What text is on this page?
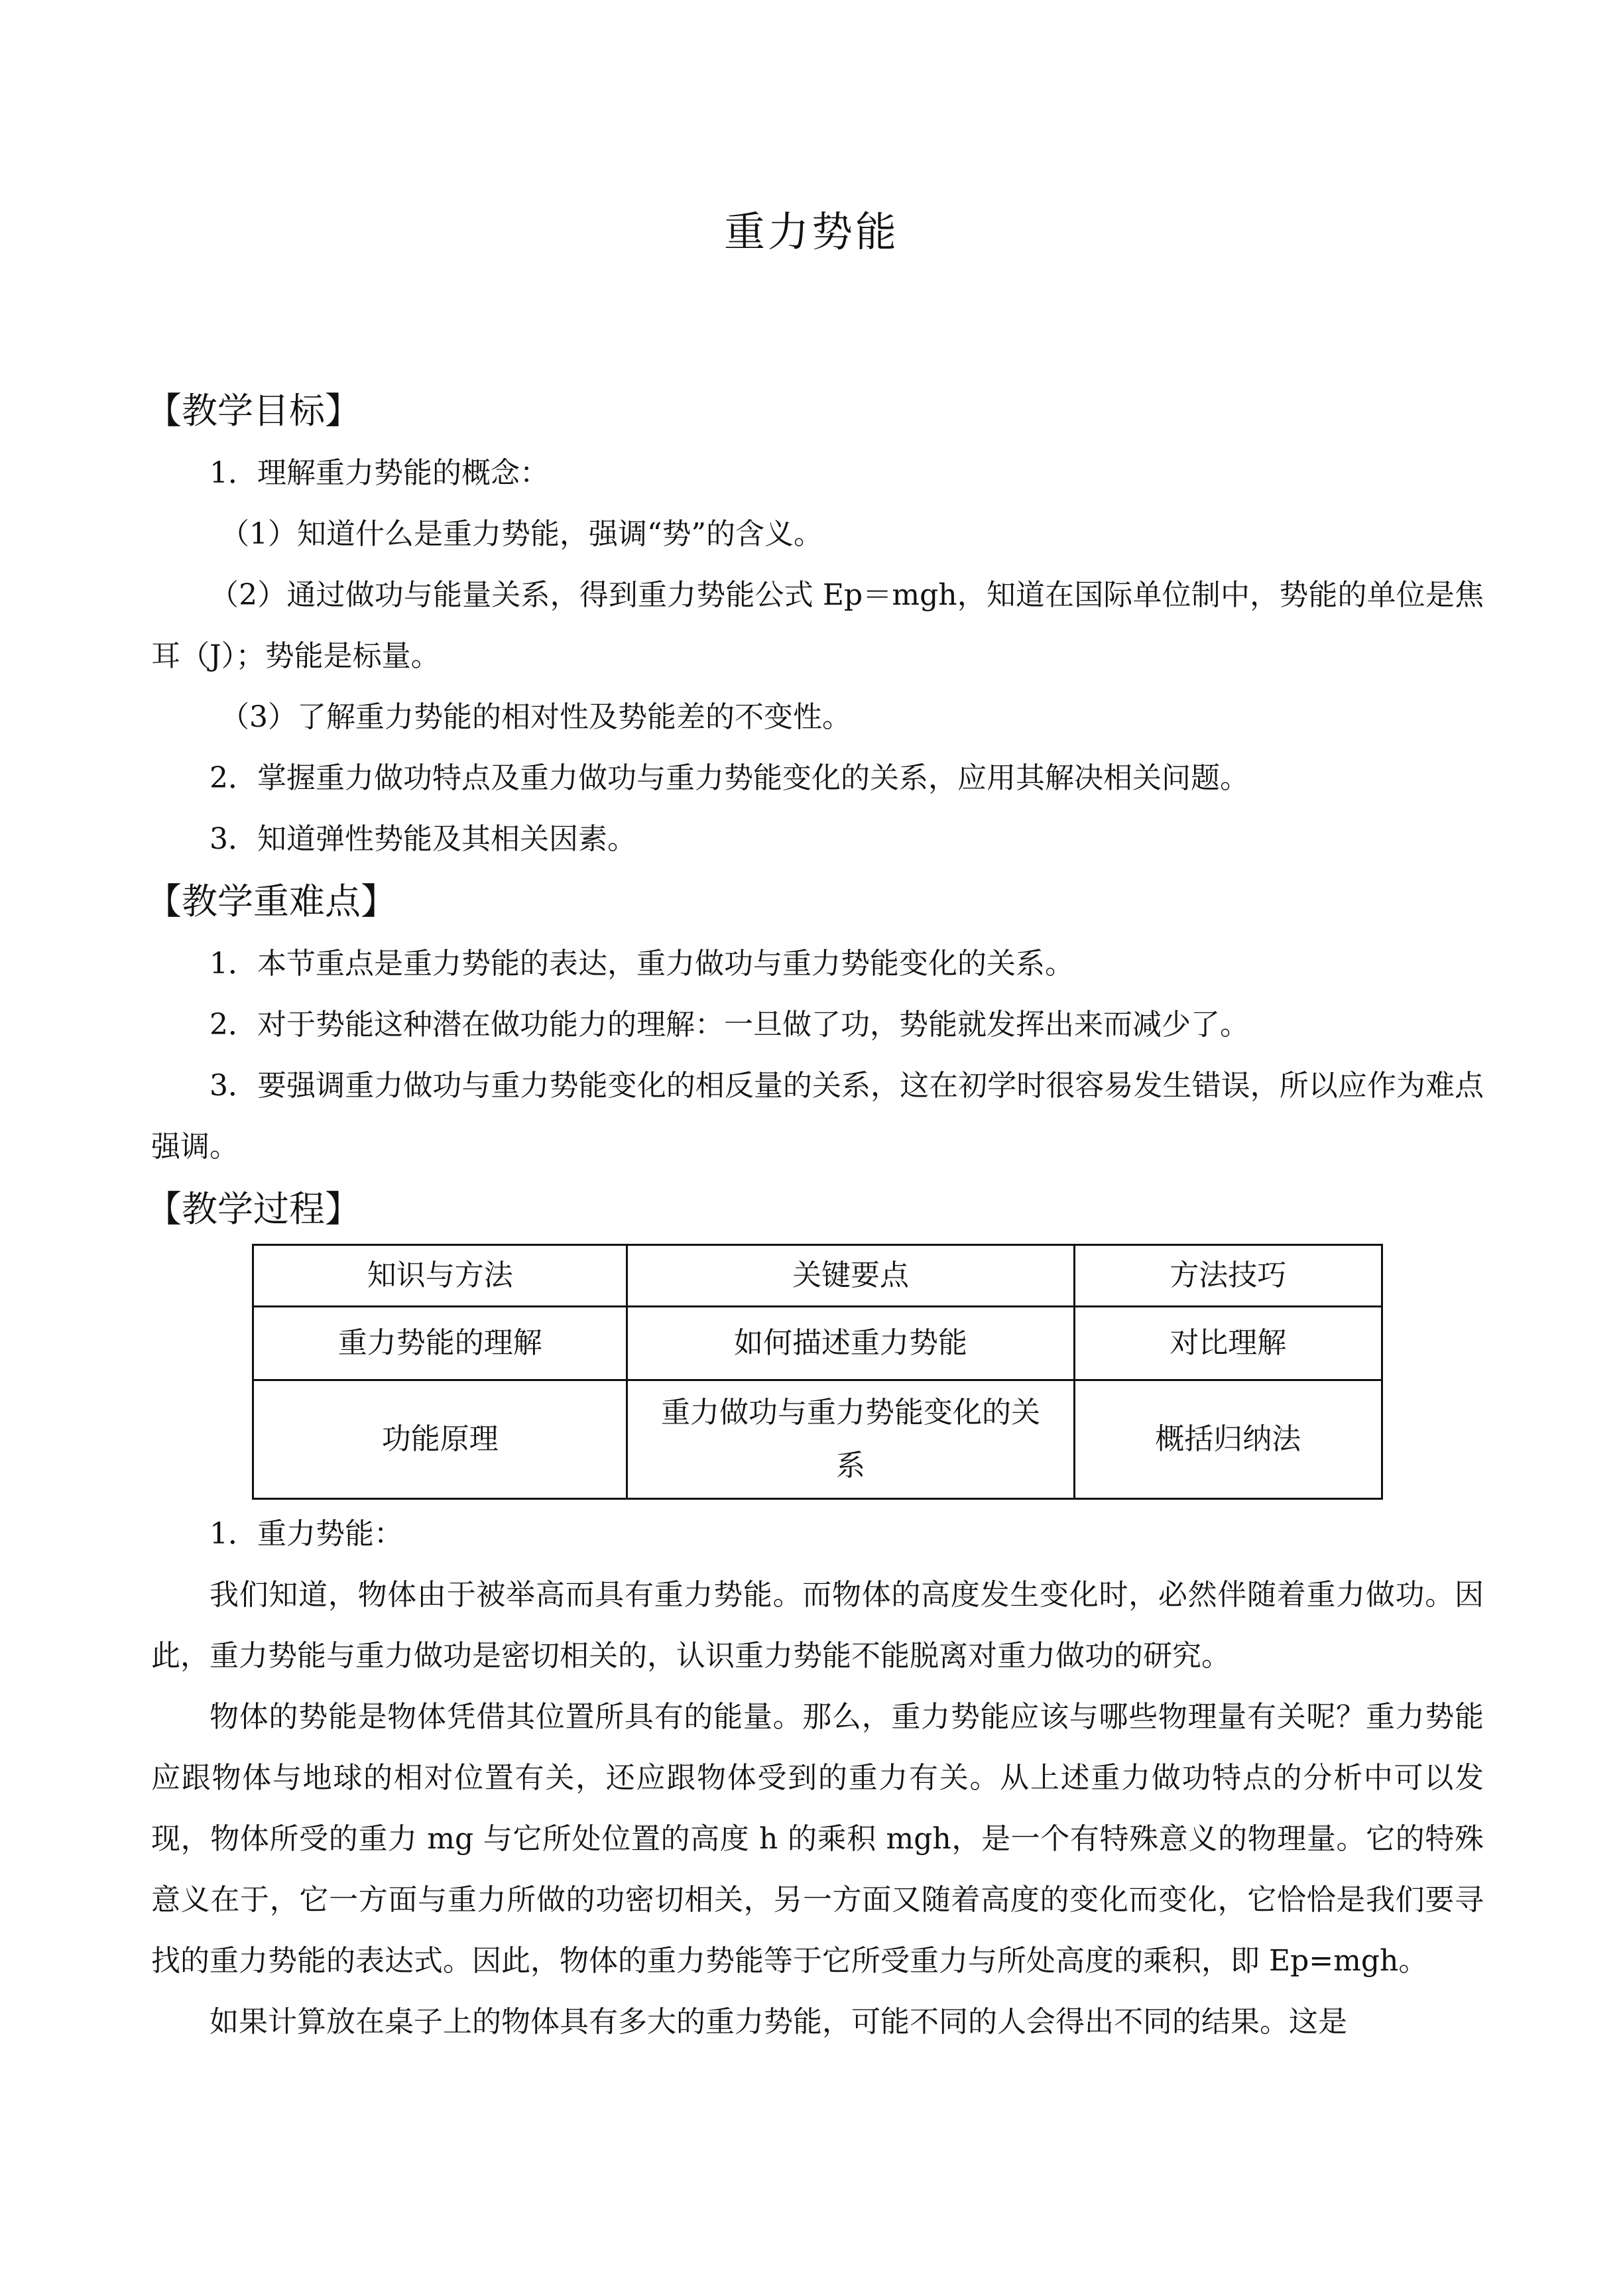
重力势能
【教学目标】
1．理解重力势能的概念：
（1）知道什么是重力势能，强调“势”的含义。
（2）通过做功与能量关系，得到重力势能公式 Ep＝mgh，知道在国际单位制中，势能的单位是焦耳（J）；势能是标量。
（3）了解重力势能的相对性及势能差的不变性。
2．掌握重力做功特点及重力做功与重力势能变化的关系，应用其解决相关问题。
3．知道弹性势能及其相关因素。
【教学重难点】
1．本节重点是重力势能的表达，重力做功与重力势能变化的关系。
2．对于势能这种潜在做功能力的理解：一旦做了功，势能就发挥出来而减少了。
3．要强调重力做功与重力势能变化的相反量的关系，这在初学时很容易发生错误，所以应作为难点强调。
【教学过程】
知识与方法	关键要点	方法技巧
重力势能的理解	如何描述重力势能	对比理解
功能原理	重力做功与重力势能变化的关系	概括归纳法
1．重力势能：
我们知道，物体由于被举高而具有重力势能。而物体的高度发生变化时，必然伴随着重力做功。因此，重力势能与重力做功是密切相关的，认识重力势能不能脱离对重力做功的研究。
物体的势能是物体凭借其位置所具有的能量。那么，重力势能应该与哪些物理量有关呢？重力势能应跟物体与地球的相对位置有关，还应跟物体受到的重力有关。从上述重力做功特点的分析中可以发现，物体所受的重力 mg 与它所处位置的高度 h 的乘积 mgh，是一个有特殊意义的物理量。它的特殊意义在于，它一方面与重力所做的功密切相关，另一方面又随着高度的变化而变化，它恰恰是我们要寻找的重力势能的表达式。因此，物体的重力势能等于它所受重力与所处高度的乘积，即 Ep=mgh。
如果计算放在桌子上的物体具有多大的重力势能，可能不同的人会得出不同的结果。这是
